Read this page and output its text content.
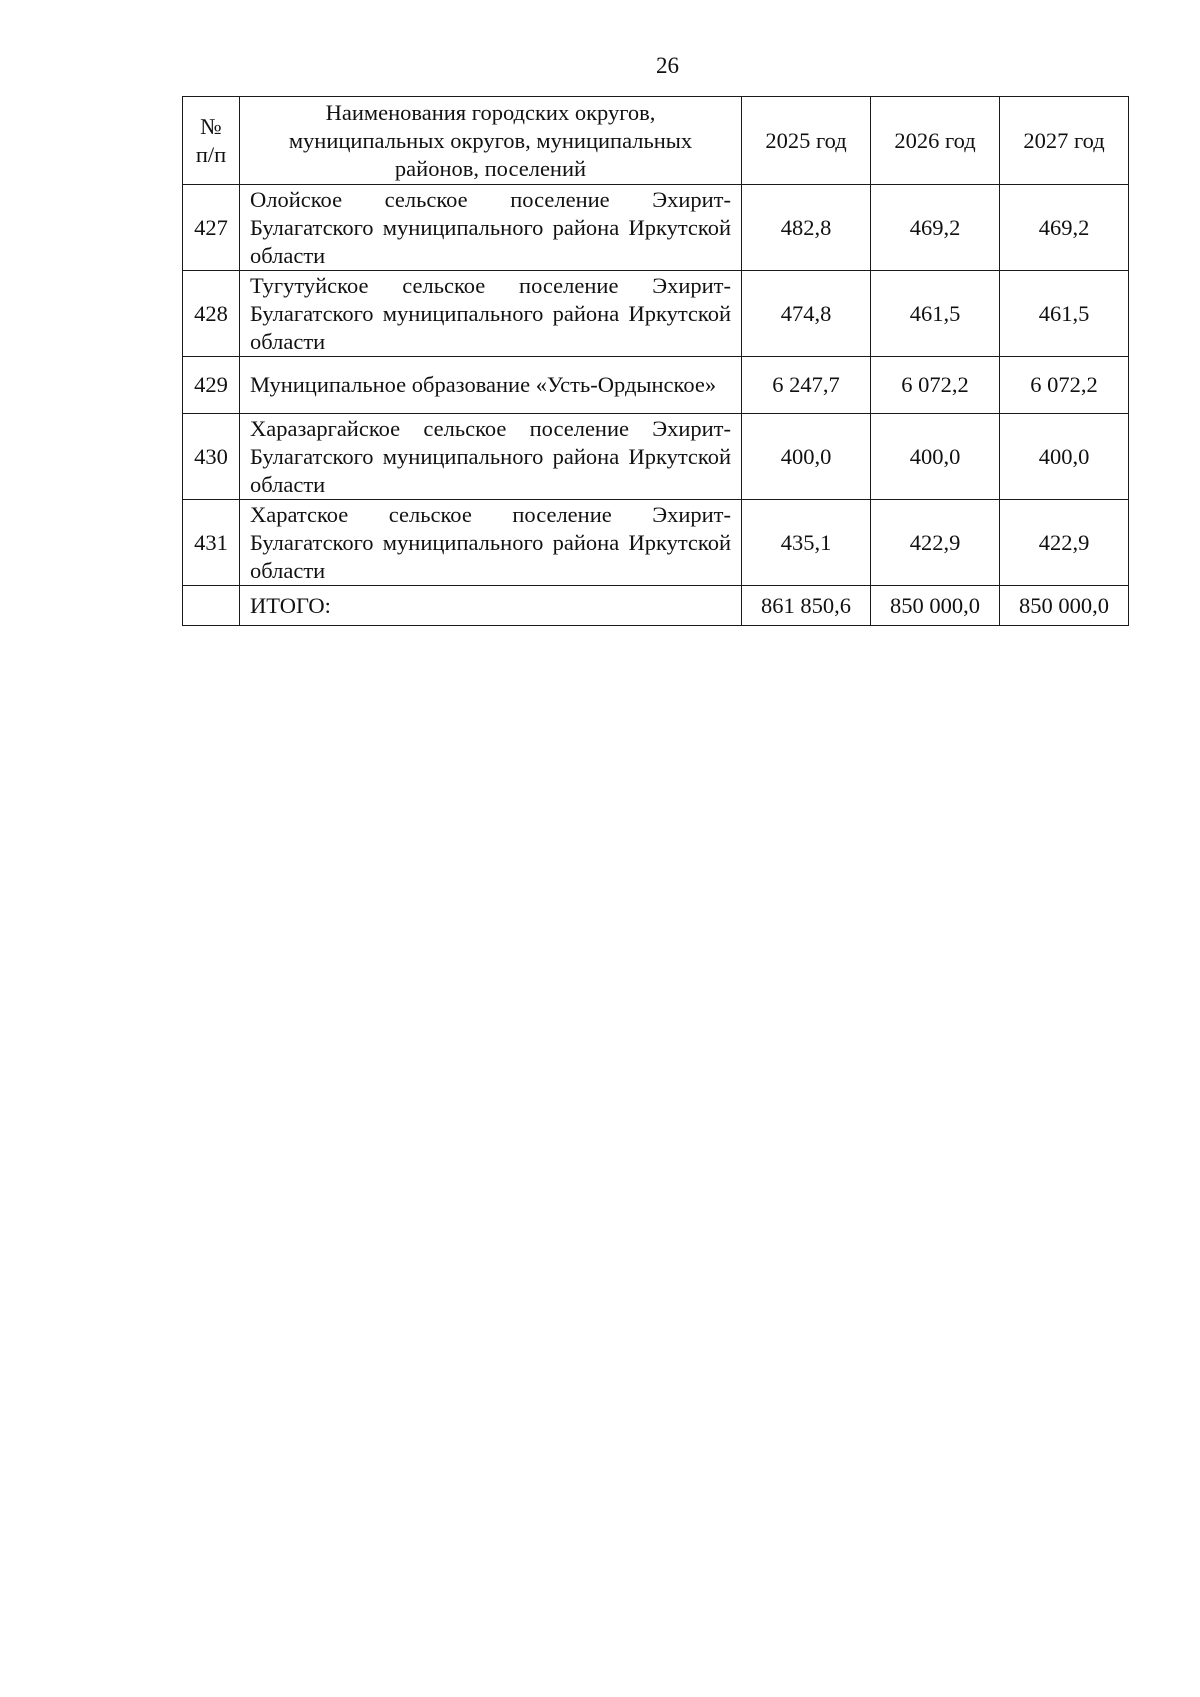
26
№ п/п	Наименования городских округов, муниципальных округов, муниципальных районов, поселений	2025 год	2026 год	2027 год
427	Олойское сельское поселение Эхирит-Булагатского муниципального района Иркутской области	482,8	469,2	469,2
428	Тугутуйское сельское поселение Эхирит-Булагатского муниципального района Иркутской области	474,8	461,5	461,5
429	Муниципальное образование «Усть-Ордынское»	6 247,7	6 072,2	6 072,2
430	Харазаргайское сельское поселение Эхирит-Булагатского муниципального района Иркутской области	400,0	400,0	400,0
431	Харатское сельское поселение Эхирит-Булагатского муниципального района Иркутской области	435,1	422,9	422,9
	ИТОГО:	861 850,6	850 000,0	850 000,0
